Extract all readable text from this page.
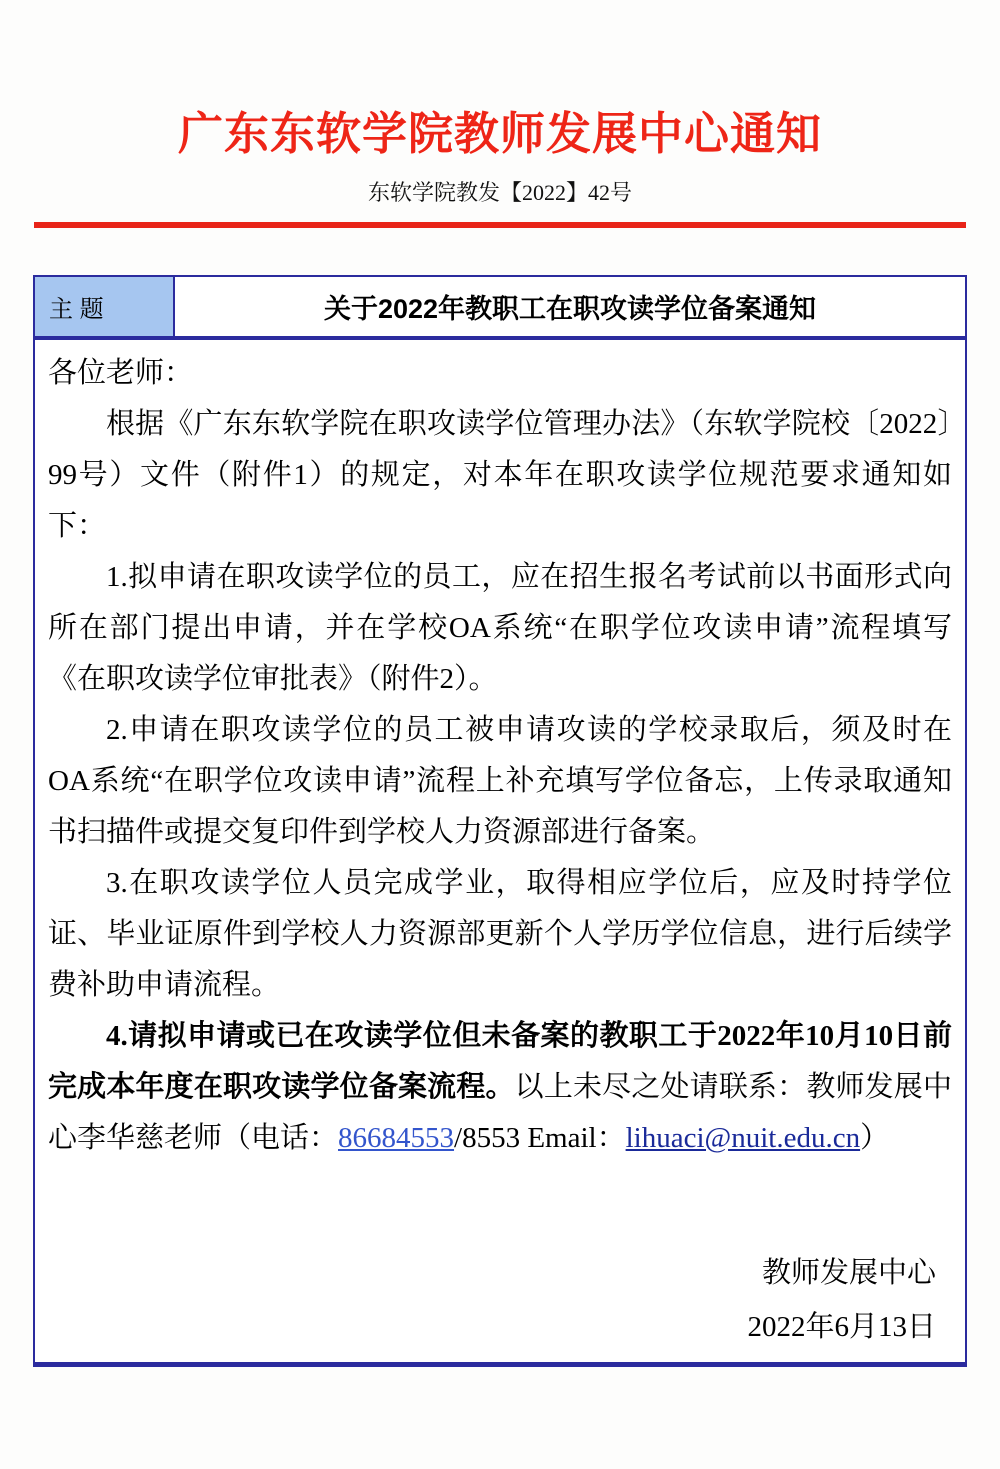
广东东软学院教师发展中心通知
东软学院教发【2022】42号
主 题	关于2022年教职工在职攻读学位备案通知

各位老师：

根据《广东东软学院在职攻读学位管理办法》（东软学院校〔2022〕99号）文件（附件1）的规定，对本年在职攻读学位规范要求通知如下：

1.拟申请在职攻读学位的员工，应在招生报名考试前以书面形式向所在部门提出申请，并在学校OA系统“在职学位攻读申请”流程填写《在职攻读学位审批表》（附件2）。

2.申请在职攻读学位的员工被申请攻读的学校录取后，须及时在OA系统“在职学位攻读申请”流程上补充填写学位备忘，上传录取通知书扫描件或提交复印件到学校人力资源部进行备案。

3.在职攻读学位人员完成学业，取得相应学位后，应及时持学位证、毕业证原件到学校人力资源部更新个人学历学位信息，进行后续学费补助申请流程。

4.请拟申请或已在攻读学位但未备案的教职工于2022年10月10日前完成本年度在职攻读学位备案流程。以上未尽之处请联系：教师发展中心李华慈老师（电话：86684553/8553 Email：lihuaci@nuit.edu.cn）

教师发展中心
2022年6月13日
